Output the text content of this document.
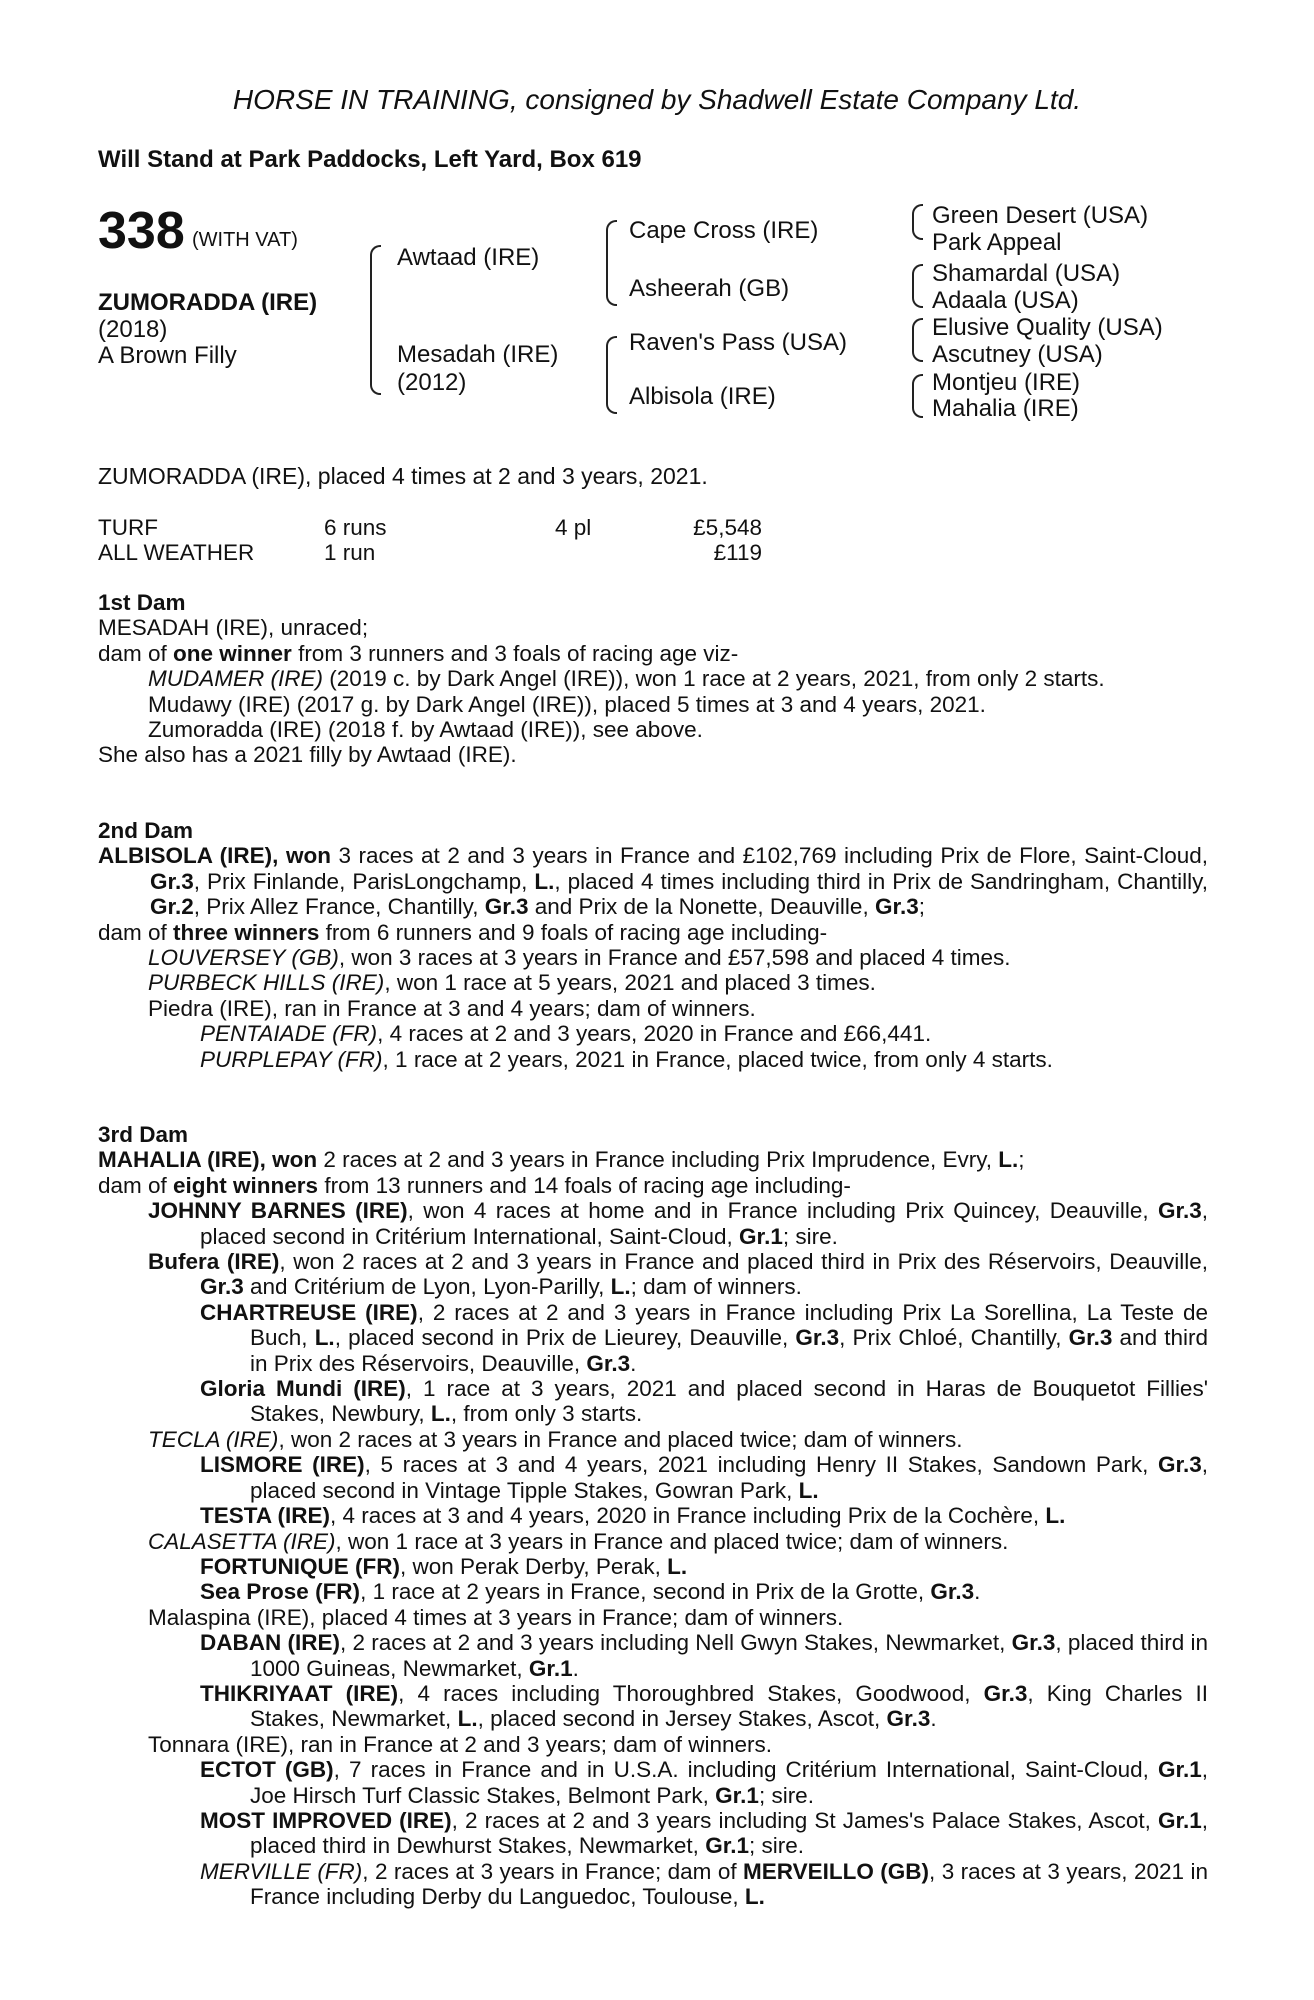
HORSE IN TRAINING, consigned by Shadwell Estate Company Ltd.
Will Stand at Park Paddocks, Left Yard, Box 619
338 (WITH VAT)
ZUMORADDA (IRE)
(2018)
A Brown Filly
Awtaad (IRE)
Mesadah (IRE)
(2012)
Cape Cross (IRE)
Asheerah (GB)
Raven's Pass (USA)
Albisola (IRE)
Green Desert (USA)
Park Appeal
Shamardal (USA)
Adaala (USA)
Elusive Quality (USA)
Ascutney (USA)
Montjeu (IRE)
Mahalia (IRE)
ZUMORADDA (IRE), placed 4 times at 2 and 3 years, 2021.
TURF	6 runs	4 pl	£5,548
ALL WEATHER	1 run	£119

1st Dam

MESADAH (IRE), unraced;

dam of one winner from 3 runners and 3 foals of racing age viz-

MUDAMER (IRE) (2019 c. by Dark Angel (IRE)), won 1 race at 2 years, 2021, from only 2 starts.

Mudawy (IRE) (2017 g. by Dark Angel (IRE)), placed 5 times at 3 and 4 years, 2021.

Zumoradda (IRE) (2018 f. by Awtaad (IRE)), see above.

She also has a 2021 filly by Awtaad (IRE).

2nd Dam

ALBISOLA (IRE), won 3 races at 2 and 3 years in France and £102,769 including Prix de Flore, Saint-Cloud, Gr.3, Prix Finlande, ParisLongchamp, L., placed 4 times including third in Prix de Sandringham, Chantilly, Gr.2, Prix Allez France, Chantilly, Gr.3 and Prix de la Nonette, Deauville, Gr.3;

dam of three winners from 6 runners and 9 foals of racing age including-

LOUVERSEY (GB), won 3 races at 3 years in France and £57,598 and placed 4 times.

PURBECK HILLS (IRE), won 1 race at 5 years, 2021 and placed 3 times.

Piedra (IRE), ran in France at 3 and 4 years; dam of winners.

PENTAIADE (FR), 4 races at 2 and 3 years, 2020 in France and £66,441.

PURPLEPAY (FR), 1 race at 2 years, 2021 in France, placed twice, from only 4 starts.

3rd Dam

MAHALIA (IRE), won 2 races at 2 and 3 years in France including Prix Imprudence, Evry, L.;

dam of eight winners from 13 runners and 14 foals of racing age including-

JOHNNY BARNES (IRE), won 4 races at home and in France including Prix Quincey, Deauville, Gr.3, placed second in Critérium International, Saint-Cloud, Gr.1; sire.

Bufera (IRE), won 2 races at 2 and 3 years in France and placed third in Prix des Réservoirs, Deauville, Gr.3 and Critérium de Lyon, Lyon-Parilly, L.; dam of winners.

CHARTREUSE (IRE), 2 races at 2 and 3 years in France including Prix La Sorellina, La Teste de Buch, L., placed second in Prix de Lieurey, Deauville, Gr.3, Prix Chloé, Chantilly, Gr.3 and third in Prix des Réservoirs, Deauville, Gr.3.

Gloria Mundi (IRE), 1 race at 3 years, 2021 and placed second in Haras de Bouquetot Fillies' Stakes, Newbury, L., from only 3 starts.

TECLA (IRE), won 2 races at 3 years in France and placed twice; dam of winners.

LISMORE (IRE), 5 races at 3 and 4 years, 2021 including Henry II Stakes, Sandown Park, Gr.3, placed second in Vintage Tipple Stakes, Gowran Park, L.

TESTA (IRE), 4 races at 3 and 4 years, 2020 in France including Prix de la Cochère, L.

CALASETTA (IRE), won 1 race at 3 years in France and placed twice; dam of winners.

FORTUNIQUE (FR), won Perak Derby, Perak, L.

Sea Prose (FR), 1 race at 2 years in France, second in Prix de la Grotte, Gr.3.

Malaspina (IRE), placed 4 times at 3 years in France; dam of winners.

DABAN (IRE), 2 races at 2 and 3 years including Nell Gwyn Stakes, Newmarket, Gr.3, placed third in 1000 Guineas, Newmarket, Gr.1.

THIKRIYAAT (IRE), 4 races including Thoroughbred Stakes, Goodwood, Gr.3, King Charles II Stakes, Newmarket, L., placed second in Jersey Stakes, Ascot, Gr.3.

Tonnara (IRE), ran in France at 2 and 3 years; dam of winners.

ECTOT (GB), 7 races in France and in U.S.A. including Critérium International, Saint-Cloud, Gr.1, Joe Hirsch Turf Classic Stakes, Belmont Park, Gr.1; sire.

MOST IMPROVED (IRE), 2 races at 2 and 3 years including St James's Palace Stakes, Ascot, Gr.1, placed third in Dewhurst Stakes, Newmarket, Gr.1; sire.

MERVILLE (FR), 2 races at 3 years in France; dam of MERVEILLO (GB), 3 races at 3 years, 2021 in France including Derby du Languedoc, Toulouse, L.
